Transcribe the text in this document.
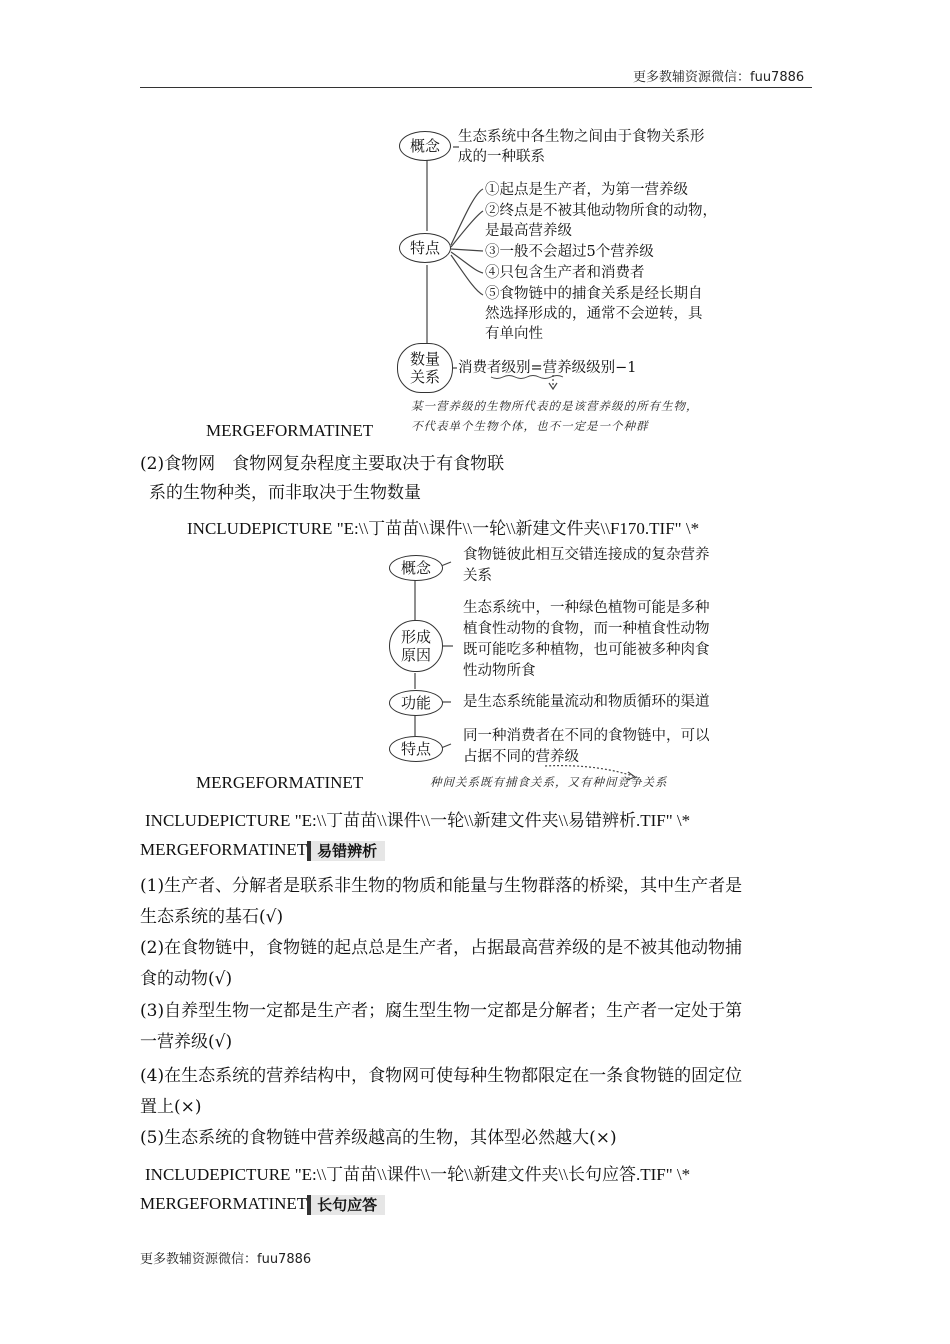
更多教辅资源微信：fuu7886
更多教辅资源微信：fuu7886
概念	生态系统中各生物之间由于食物关系形
成的一种联系
特点
①起点是生产者，为第一营养级
②终点是不被其他动物所食的动物，
是最高营养级
③一般不会超过5个营养级
④只包含生产者和消费者
⑤食物链中的捕食关系是经长期自
然选择形成的，通常不会逆转，具
有单向性
数量
关系 消费者级别=营养级级别−1
某一营养级的生物所代表的是该营养级的所有生物，
不代表单个生物个体，也不一定是一个种群
MERGEFORMATINET
(2)食物网　食物网复杂程度主要取决于有食物联
系的生物种类，而非取决于生物数量
INCLUDEPICTURE "E:\\丁苗苗\\课件\\一轮\\新建文件夹\\F170.TIF" \*
概念
食物链彼此相互交错连接成的复杂营养
关系
形成
原因
生态系统中，一种绿色植物可能是多种
植食性动物的食物，而一种植食性动物
既可能吃多种植物，也可能被多种肉食
性动物所食
功能	是生态系统能量流动和物质循环的渠道
特点
同一种消费者在不同的食物链中，可以
占据不同的营养级
种间关系既有捕食关系，又有种间竞争关系
MERGEFORMATINET
INCLUDEPICTURE "E:\\丁苗苗\\课件\\一轮\\新建文件夹\\易错辨析.TIF" \*
MERGEFORMATINET 易错辨析
(1)生产者、分解者是联系非生物的物质和能量与生物群落的桥梁，其中生产者是
生态系统的基石(√)
(2)在食物链中，食物链的起点总是生产者，占据最高营养级的是不被其他动物捕
食的动物(√)
(3)自养型生物一定都是生产者；腐生型生物一定都是分解者；生产者一定处于第
一营养级(√)
(4)在生态系统的营养结构中，食物网可使每种生物都限定在一条食物链的固定位
置上(×)
(5)生态系统的食物链中营养级越高的生物，其体型必然越大(×)
INCLUDEPICTURE "E:\\丁苗苗\\课件\\一轮\\新建文件夹\\长句应答.TIF" \*
MERGEFORMATINET 长句应答
